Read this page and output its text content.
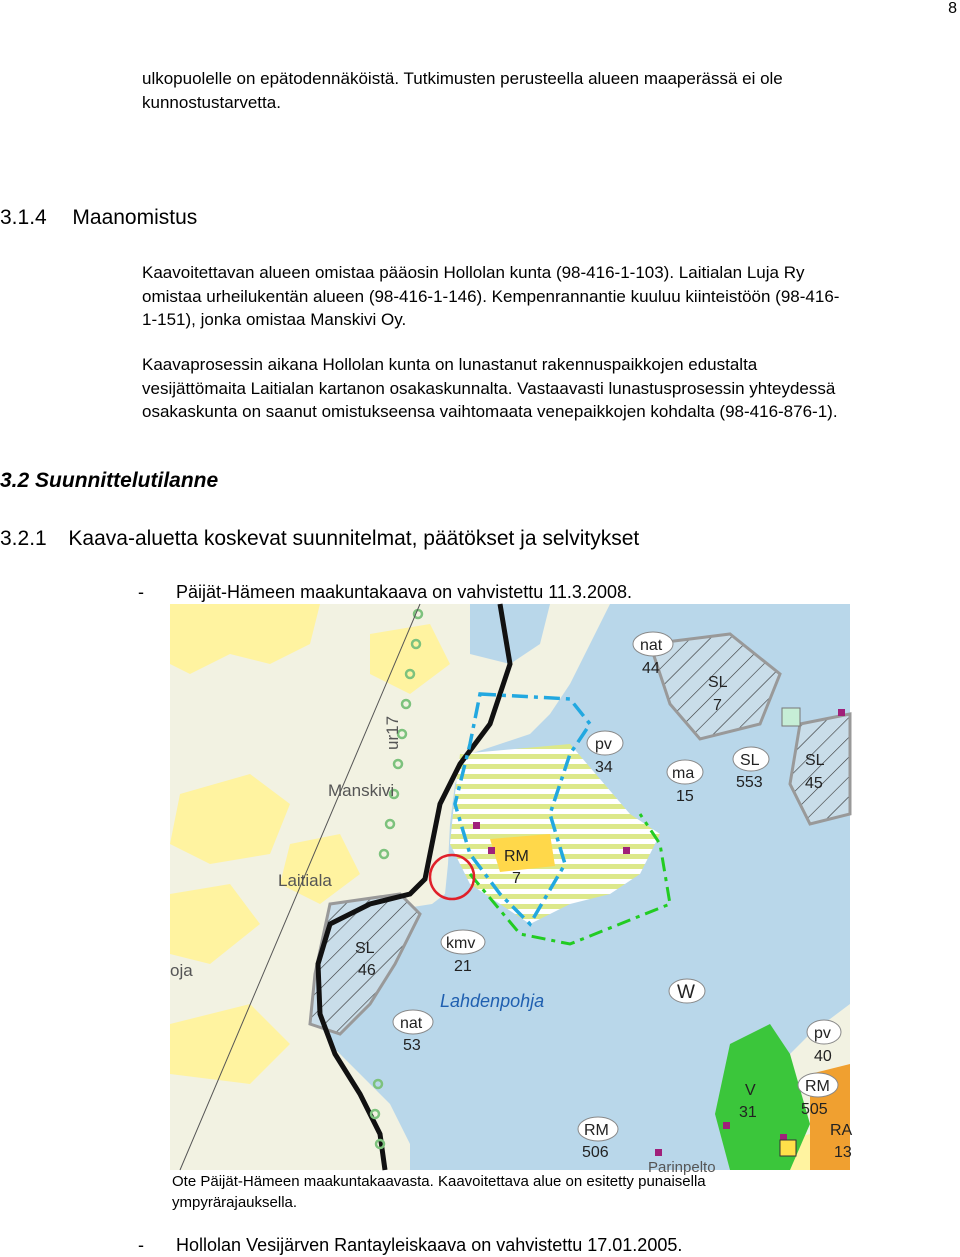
8
ulkopuolelle on epätodennäköistä. Tutkimusten perusteella alueen maaperässä ei ole
kunnostustarvetta.
3.1.4 Maanomistus
Kaavoitettavan alueen omistaa pääosin Hollolan kunta (98-416-1-103). Laitialan Luja Ry
omistaa urheilukentän alueen (98-416-1-146). Kempenrannantie kuuluu kiinteistöön (98-416-
1-151), jonka omistaa Manskivi Oy.
Kaavaprosessin aikana Hollolan kunta on lunastanut rakennuspaikkojen edustalta
vesijättömaita Laitialan kartanon osakaskunnalta. Vastaavasti lunastusprosessin yhteydessä
osakaskunta on saanut omistukseensa vaihtomaata venepaikkojen kohdalta (98-416-876-1).
3.2 Suunnittelutilanne
3.2.1 Kaava-aluetta koskevat suunnitelmat, päätökset ja selvitykset
- Päijät-Hämeen maakuntakaava on vahvistettu 11.3.2008.
ur17
Manskivi
Laitiala
oja
Parinpelto
Lahdenpohja
nat
44
SL
7
pv
34	SL
553
SL
45
ma
15
RM
7
SL
46
kmv
21
W
nat
53
pv
40
RM
505
V
31
RM
506
RA
13
Ote Päijät-Hämeen maakuntakaavasta. Kaavoitettava alue on esitetty punaisella
ympyrärajauksella.
- Hollolan Vesijärven Rantayleiskaava on vahvistettu 17.01.2005.
